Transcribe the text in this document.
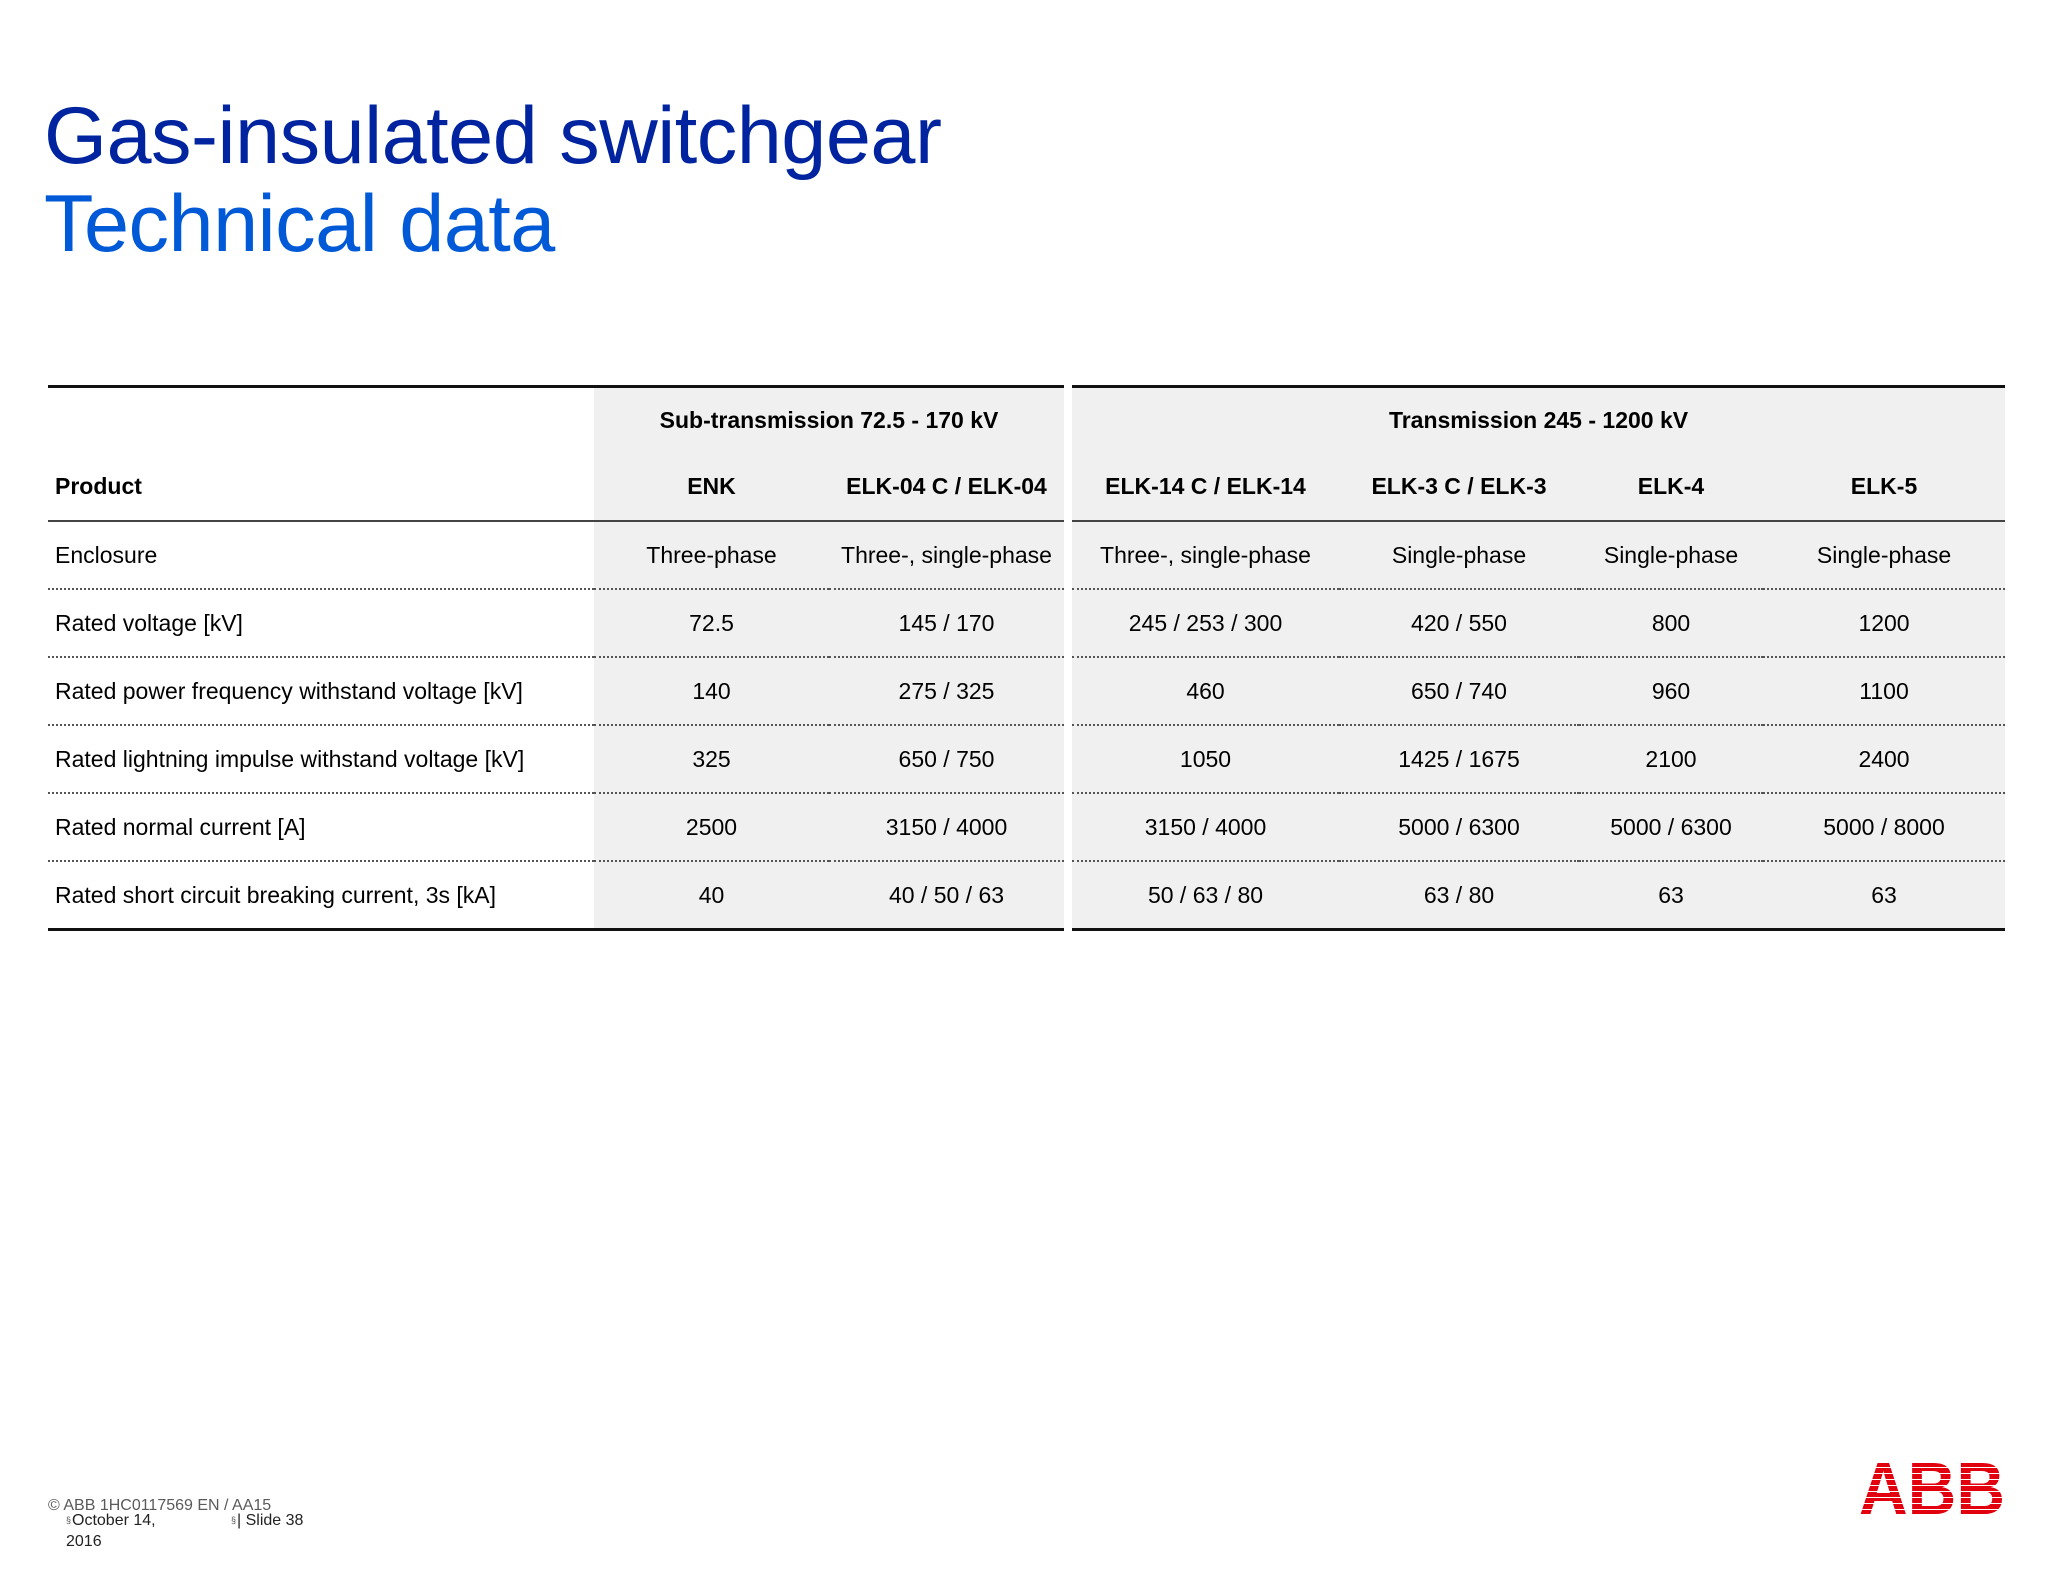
Gas-insulated switchgear
Technical data
	Sub-transmission 72.5 - 170 kV		Transmission 245 - 1200 kV			
Product	ENK	ELK-04 C / ELK-04	ELK-14 C / ELK-14	ELK-3 C / ELK-3	ELK-4	ELK-5
Enclosure	Three-phase	Three-, single-phase	Three-, single-phase	Single-phase	Single-phase	Single-phase
Rated voltage [kV]	72.5	145 / 170	245 / 253 / 300	420 / 550	800	1200
Rated power frequency withstand voltage [kV]	140	275 / 325	460	650 / 740	960	1100
Rated lightning impulse withstand voltage [kV]	325	650 / 750	1050	1425 / 1675	2100	2400
Rated normal current [A]	2500	3150 / 4000	3150 / 4000	5000 / 6300	5000 / 6300	5000 / 8000
Rated short circuit breaking current, 3s [kA]	40	40 / 50 / 63	50 / 63 / 80	63 / 80	63	63
© ABB 1HC0117569 EN / AA15
§October 14, 2016
§| Slide 38	ABB
